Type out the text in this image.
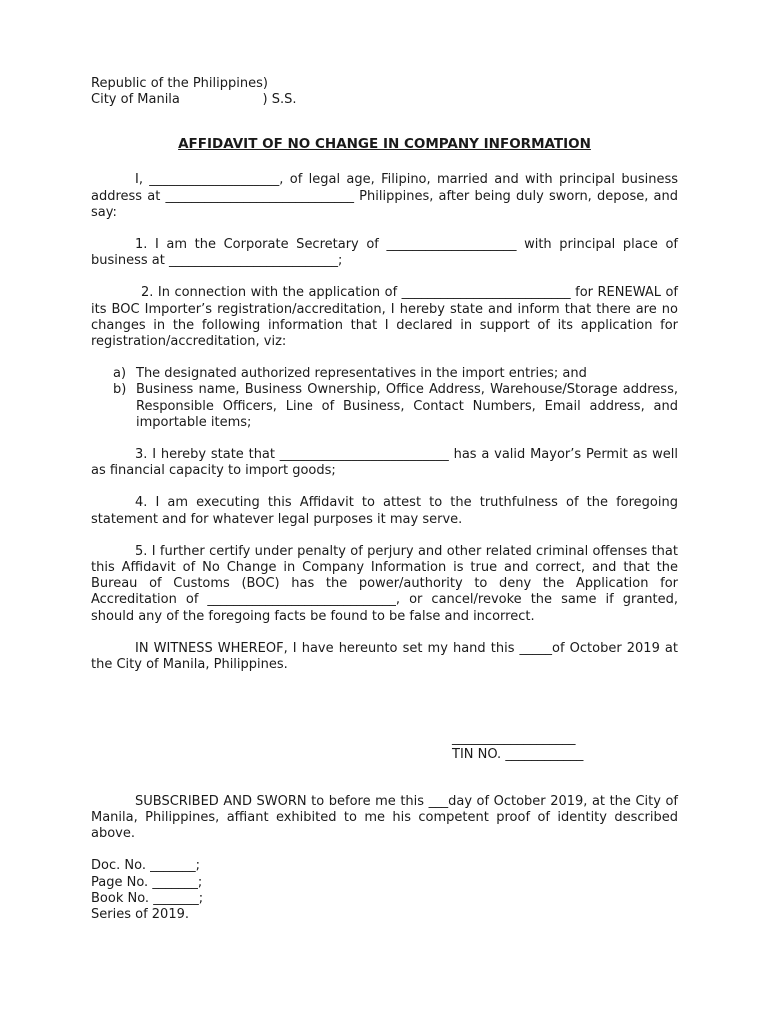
Republic of the Philippines)
City of Manila                    ) S.S.
AFFIDAVIT OF NO CHANGE IN COMPANY INFORMATION
I, ____________________, of legal age, Filipino, married and with principal business address at _____________________________ Philippines, after being duly sworn, depose, and say:
1. I am the Corporate Secretary of ____________________ with principal place of business at __________________________;
2. In connection with the application of __________________________ for RENEWAL of its BOC Importer’s registration/accreditation, I hereby state and inform that there are no changes in the following information that I declared in support of its application for registration/accreditation, viz:
a) The designated authorized representatives in the import entries; and
b) Business name, Business Ownership, Office Address, Warehouse/Storage address, Responsible Officers, Line of Business, Contact Numbers, Email address, and importable items;
3. I hereby state that __________________________ has a valid Mayor’s Permit as well as financial capacity to import goods;
4. I am executing this Affidavit to attest to the truthfulness of the foregoing statement and for whatever legal purposes it may serve.
5. I further certify under penalty of perjury and other related criminal offenses that this Affidavit of No Change in Company Information is true and correct, and that the Bureau of Customs (BOC) has the power/authority to deny the Application for Accreditation of _____________________________, or cancel/revoke the same if granted, should any of the foregoing facts be found to be false and incorrect.
IN WITNESS WHEREOF, I have hereunto set my hand this _____of October 2019 at the City of Manila, Philippines.
___________________
TIN NO. ____________
SUBSCRIBED AND SWORN to before me this ___day of October 2019, at the City of Manila, Philippines, affiant exhibited to me his competent proof of identity described above.
Doc. No. _______;
Page No. _______;
Book No. _______;
Series of 2019.
